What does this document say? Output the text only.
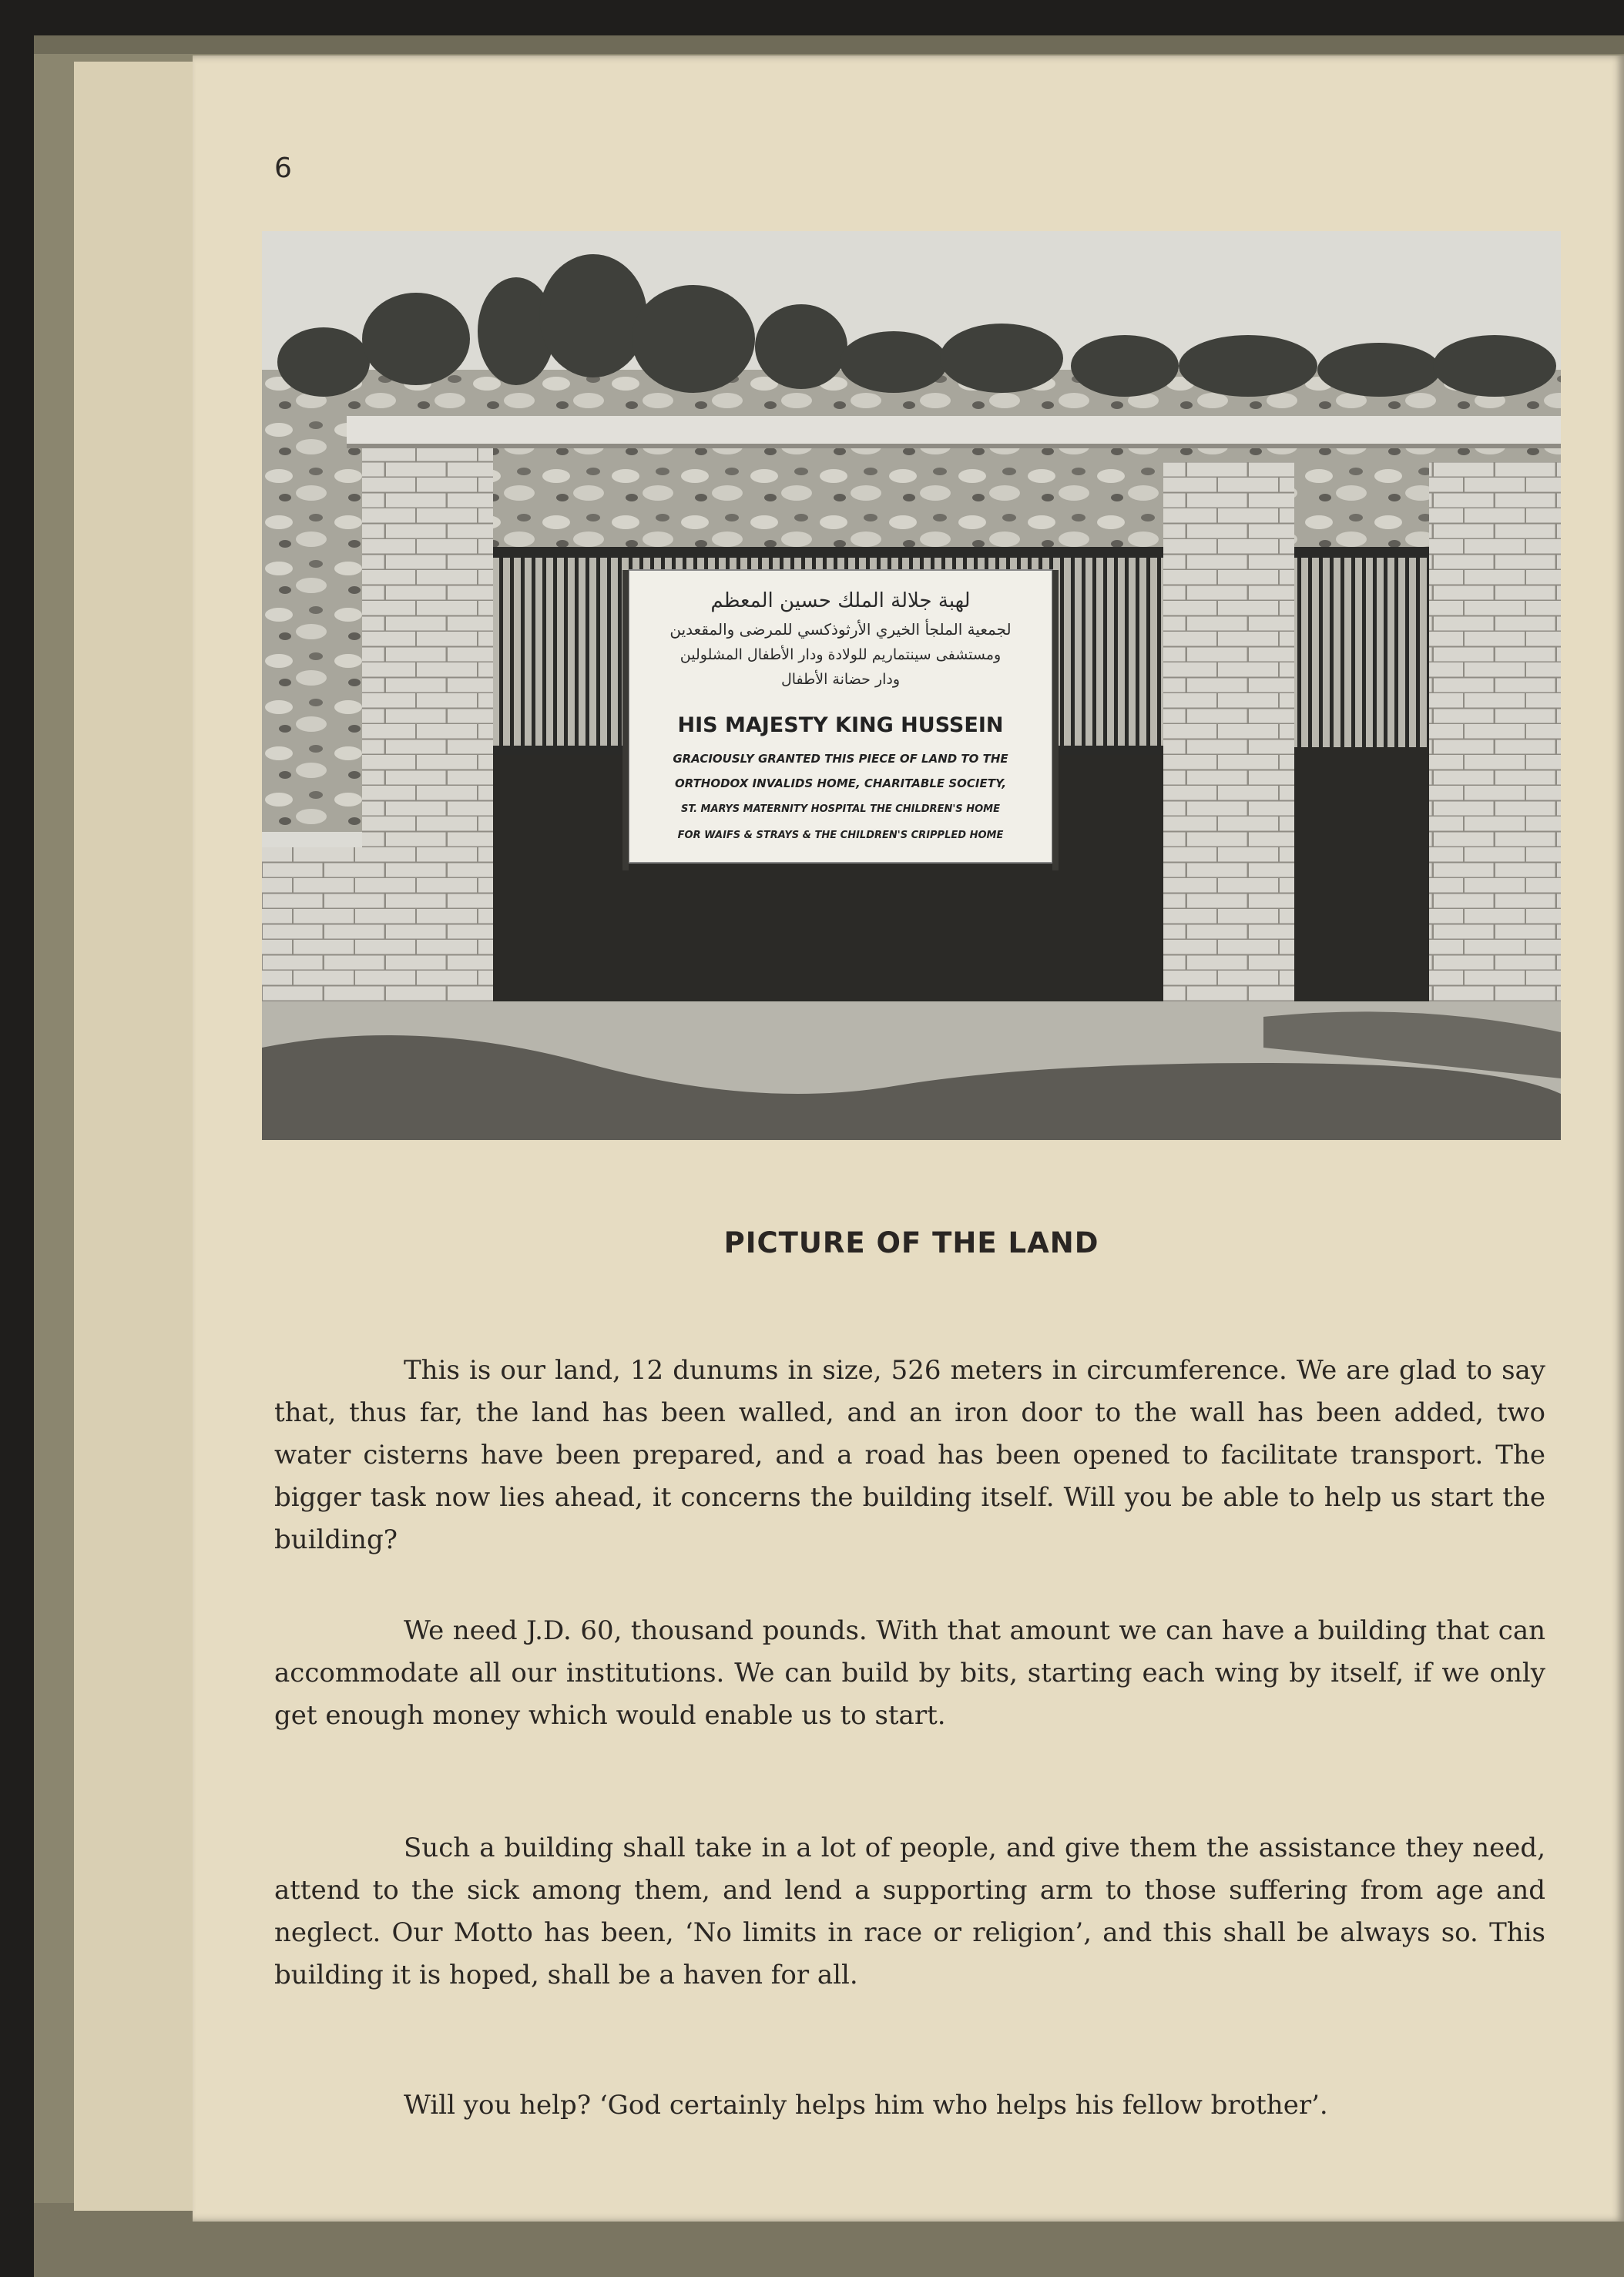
6
لهبة جلالة الملك حسين المعظم
لجمعية الملجأ الخيري الأرثوذكسي للمرضى والمقعدين
ومستشفى سينتماريم للولادة ودار الأطفال المشلولين
ودار حضانة الأطفال
HIS MAJESTY KING HUSSEIN
GRACIOUSLY GRANTED THIS PIECE OF LAND TO THE
ORTHODOX INVALIDS HOME, CHARITABLE SOCIETY,
ST. MARYS MATERNITY HOSPITAL THE CHILDREN'S HOME
FOR WAIFS & STRAYS & THE CHILDREN'S CRIPPLED HOME
PICTURE OF THE LAND

This is our land, 12 dunums in size, 526 meters in circumference. We are glad to say that, thus far, the land has been walled, and an iron door to the wall has been added, two water cisterns have been prepared, and a road has been opened to facilitate transport. The bigger task now lies ahead, it concerns the building itself. Will you be able to help us start the building?

We need J.D. 60, thousand pounds. With that amount we can have a building that can accommodate all our institutions. We can build by bits, starting each wing by itself, if we only get enough money which would enable us to start.

Such a building shall take in a lot of people, and give them the assistance they need, attend to the sick among them, and lend a supporting arm to those suffering from age and neglect. Our Motto has been, ‘No limits in race or religion’, and this shall be always so. This building it is hoped, shall be a haven for all.

Will you help? ‘God certainly helps him who helps his fellow brother’.
